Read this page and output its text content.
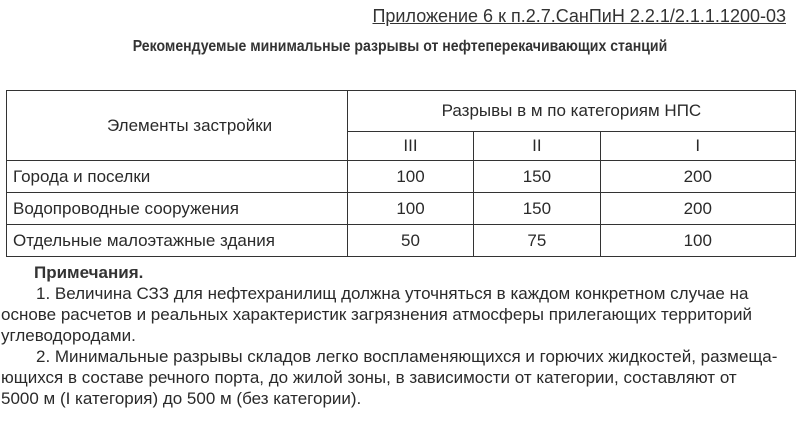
Приложение 6 к п.2.7.СанПиН 2.2.1/2.1.1.1200-03
Рекомендуемые минимальные разрывы от нефтеперекачивающих станций
Элементы застройки	Разрывы в м по категориям НПС		
	III	II	I
Города и поселки	100	150	200
Водопроводные сооружения	100	150	200
Отдельные малоэтажные здания	50	75	100
Примечания.
1. Величина СЗЗ для нефтехранилищ должна уточняться в каждом конкретном случае на
основе расчетов и реальных характеристик загрязнения атмосферы прилегающих территорий
углеводородами.
2. Минимальные разрывы складов легко воспламеняющихся и горючих жидкостей, размеща-
ющихся в составе речного порта, до жилой зоны, в зависимости от категории, составляют от
5000 м (I категория) до 500 м (без категории).
